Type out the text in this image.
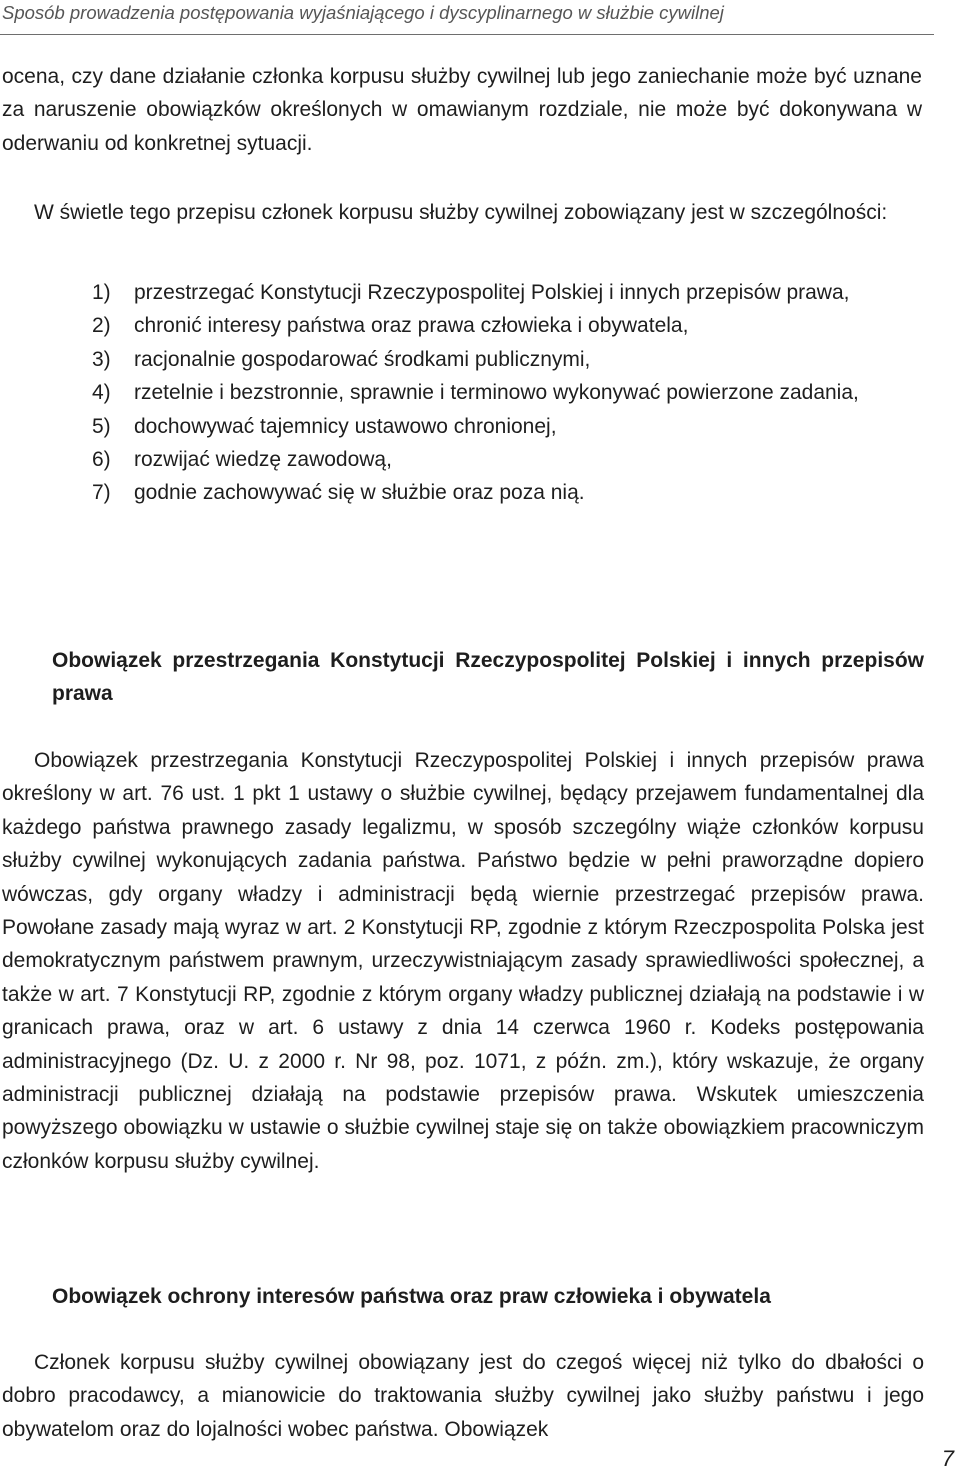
Sposób prowadzenia postępowania wyjaśniającego i dyscyplinarnego w służbie cywilnej

ocena, czy dane działanie członka korpusu służby cywilnej lub jego zaniechanie może być uznane za naruszenie obowiązków określonych w omawianym rozdziale, nie może być dokonywana w oderwaniu od konkretnej sytuacji.

W świetle tego przepisu członek korpusu służby cywilnej zobowiązany jest w szczególności:

1) przestrzegać Konstytucji Rzeczypospolitej Polskiej i innych przepisów prawa,
2) chronić interesy państwa oraz prawa człowieka i obywatela,
3) racjonalnie gospodarować środkami publicznymi,
4) rzetelnie i bezstronnie, sprawnie i terminowo wykonywać powierzone zadania,
5) dochowywać tajemnicy ustawowo chronionej,
6) rozwijać wiedzę zawodową,
7) godnie zachowywać się w służbie oraz poza nią.
Obowiązek przestrzegania Konstytucji Rzeczypospolitej Polskiej i innych przepisów prawa

Obowiązek przestrzegania Konstytucji Rzeczypospolitej Polskiej i innych przepisów prawa określony w art. 76 ust. 1 pkt 1 ustawy o służbie cywilnej, będący przejawem fundamentalnej dla każdego państwa prawnego zasady legalizmu, w sposób szczególny wiąże członków korpusu służby cywilnej wykonujących zadania państwa. Państwo będzie w pełni praworządne dopiero wówczas, gdy organy władzy i administracji będą wiernie przestrzegać przepisów prawa. Powołane zasady mają wyraz w art. 2 Konstytucji RP, zgodnie z którym Rzeczpospolita Polska jest demokratycznym państwem prawnym, urzeczywistniającym zasady sprawiedliwości społecznej, a także w art. 7 Konstytucji RP, zgodnie z którym organy władzy publicznej działają na podstawie i w granicach prawa, oraz w art. 6 ustawy z dnia 14 czerwca 1960 r. Kodeks postępowania administracyjnego (Dz. U. z 2000 r. Nr 98, poz. 1071, z późn. zm.), który wskazuje, że organy administracji publicznej działają na podstawie przepisów prawa. Wskutek umieszczenia powyższego obowiązku w ustawie o służbie cywilnej staje się on także obowiązkiem pracowniczym członków korpusu służby cywilnej.

Obowiązek ochrony interesów państwa oraz praw człowieka i obywatela

Członek korpusu służby cywilnej obowiązany jest do czegoś więcej niż tylko do dbałości o dobro pracodawcy, a mianowicie do traktowania służby cywilnej jako służby państwu i jego obywatelom oraz do lojalności wobec państwa. Obowiązek

7
